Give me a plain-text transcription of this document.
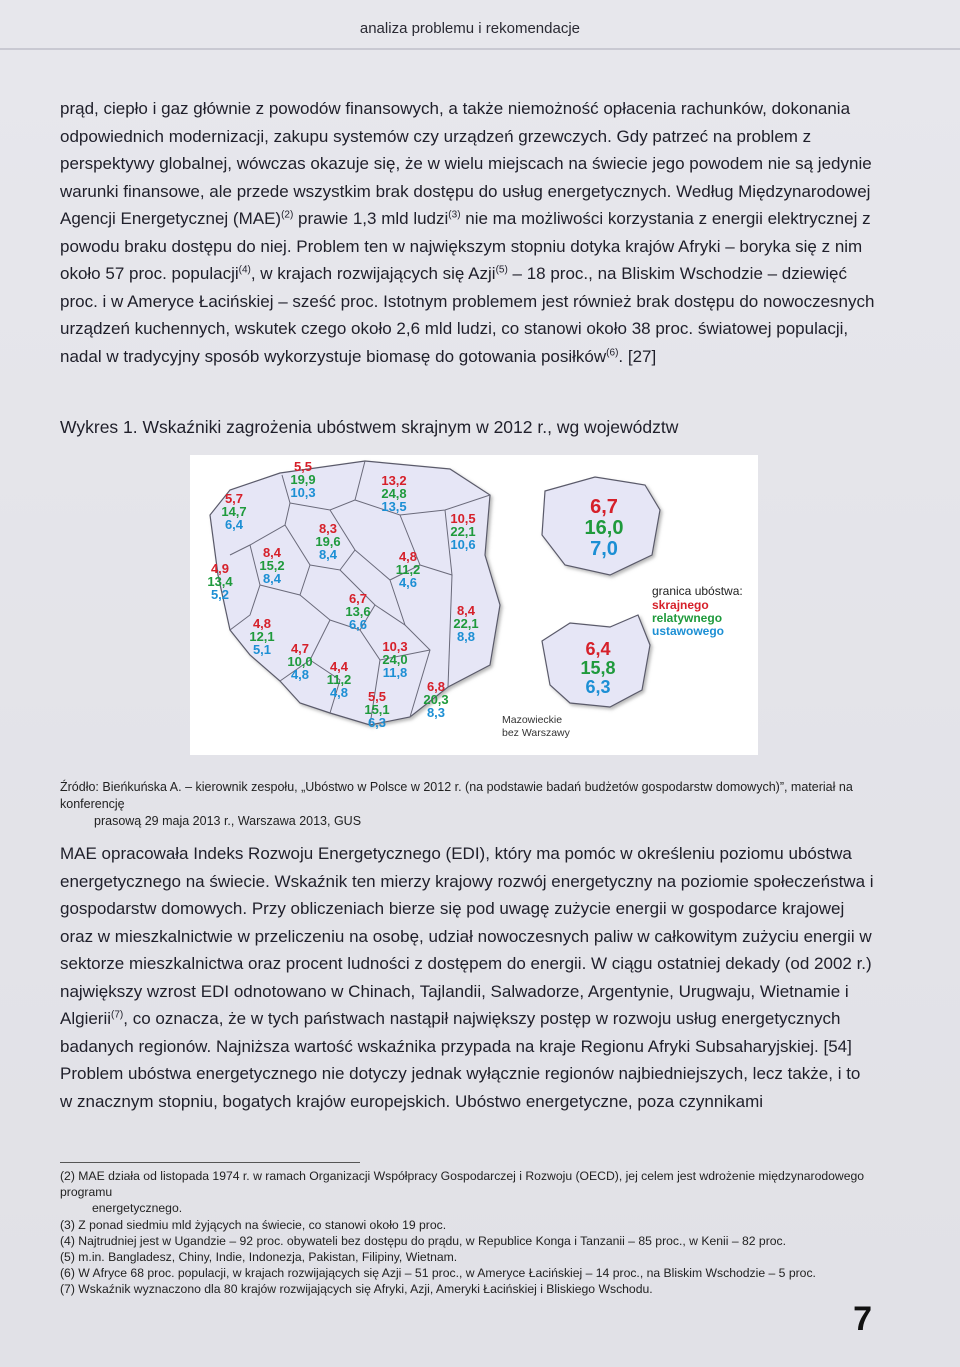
analiza problemu i rekomendacje

prąd, ciepło i gaz głównie z powodów finansowych, a także niemożność opłacenia rachunków, dokonania odpowiednich modernizacji, zakupu systemów czy urządzeń grzewczych. Gdy patrzeć na problem z perspektywy globalnej, wówczas okazuje się, że w wielu miejscach na świecie jego powodem nie są jedynie warunki finansowe, ale przede wszystkim brak dostępu do usług energetycznych. Według Międzynarodowej Agencji Energetycznej (MAE)$^{(2)}$ prawie 1,3 mld ludzi$^{(3)}$ nie ma możliwości korzystania z energii elektrycznej z powodu braku dostępu do niej. Problem ten w największym stopniu dotyka krajów Afryki – boryka się z nim około 57 proc. populacji$^{(4)}$, w krajach rozwijających się Azji$^{(5)}$ – 18 proc., na Bliskim Wschodzie – dziewięć proc. i w Ameryce Łacińskiej – sześć proc. Istotnym problemem jest również brak dostępu do nowoczesnych urządzeń kuchennych, wskutek czego około 2,6 mld ludzi, co stanowi około 38 proc. światowej populacji, nadal w tradycyjny sposób wykorzystuje biomasę do gotowania posiłków$^{(6)}$. [27]

Wykres 1. Wskaźniki zagrożenia ubóstwem skrajnym w 2012 r., wg województw
5,5
19,9
10,3
13,2
24,8
13,5
5,7
14,7
6,4	8,3
19,6
8,4
10,5
22,1
10,6
4,9
13,4
5,2
8,4
15,2
8,4
4,8
11,2
4,6
6,7
13,6
6,6
4,8
12,1
5,1
8,4
22,1
8,8
10,3
24,0
11,8
4,7
10,0
4,8
4,4
11,2
4,8	6,8
20,3
8,3
5,5
15,1
6,3
6,7
16,0
7,0
6,4
15,8
6,3
Mazowieckie
bez Warszawy
granica ubóstwa:
skrajnego
relatywnego
ustawowego
Źródło: Bieńkuńska A. – kierownik zespołu, „Ubóstwo w Polsce w 2012 r. (na podstawie badań budżetów gospodarstw domowych)”, materiał na konferencję
prasową 29 maja 2013 r., Warszawa 2013, GUS

MAE opracowała Indeks Rozwoju Energetycznego (EDI), który ma pomóc w określeniu poziomu ubóstwa energetycznego na świecie. Wskaźnik ten mierzy krajowy rozwój energetyczny na poziomie społeczeństwa i gospodarstw domowych. Przy obliczeniach bierze się pod uwagę zużycie energii w gospodarce krajowej oraz w mieszkalnictwie w przeliczeniu na osobę, udział nowoczesnych paliw w całkowitym zużyciu energii w sektorze mieszkalnictwa oraz procent ludności z dostępem do energii. W ciągu ostatniej dekady (od 2002 r.) największy wzrost EDI odnotowano w Chinach, Tajlandii, Salwadorze, Argentynie, Urugwaju, Wietnamie i Algierii$^{(7)}$, co oznacza, że w tych państwach nastąpił największy postęp w rozwoju usług energetycznych badanych regionów. Najniższa wartość wskaźnika przypada na kraje Regionu Afryki Subsaharyjskiej. [54]
Problem ubóstwa energetycznego nie dotyczy jednak wyłącznie regionów najbiedniejszych, lecz także, i to w znacznym stopniu, bogatych krajów europejskich. Ubóstwo energetyczne, poza czynnikami

(2) MAE działa od listopada 1974 r. w ramach Organizacji Współpracy Gospodarczej i Rozwoju (OECD), jej celem jest wdrożenie międzynarodowego programu
energetycznego.
(3) Z ponad siedmiu mld żyjących na świecie, co stanowi około 19 proc.
(4) Najtrudniej jest w Ugandzie – 92 proc. obywateli bez dostępu do prądu, w Republice Konga i Tanzanii – 85 proc., w Kenii – 82 proc.
(5) m.in. Bangladesz, Chiny, Indie, Indonezja, Pakistan, Filipiny, Wietnam.
(6) W Afryce 68 proc. populacji, w krajach rozwijających się Azji – 51 proc., w Ameryce Łacińskiej – 14 proc., na Bliskim Wschodzie – 5 proc.
(7) Wskaźnik wyznaczono dla 80 krajów rozwijających się Afryki, Azji, Ameryki Łacińskiej i Bliskiego Wschodu.
7
